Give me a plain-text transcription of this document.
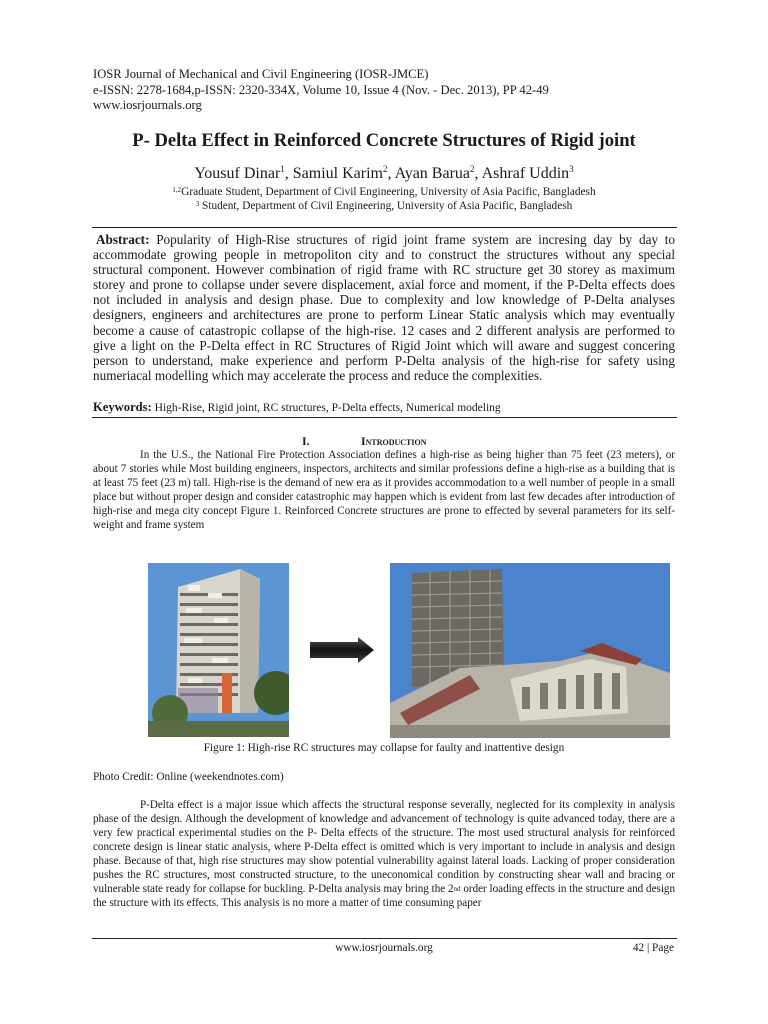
IOSR Journal of Mechanical and Civil Engineering (IOSR-JMCE)
e-ISSN: 2278-1684,p-ISSN: 2320-334X, Volume 10, Issue 4 (Nov. - Dec. 2013), PP 42-49
www.iosrjournals.org
P- Delta Effect in Reinforced Concrete Structures of Rigid joint
Yousuf Dinar$^1$, Samiul Karim$^2$, Ayan Barua$^2$, Ashraf Uddin$^3$
$^{1,2}$Graduate Student, Department of Civil Engineering, University of Asia Pacific, Bangladesh
$^3$ Student, Department of Civil Engineering, University of Asia Pacific, Bangladesh

Abstract: Popularity of High-Rise structures of rigid joint frame system are incresing day by day to accommodate growing people in metropoliton city and to construct the structures without any special structural component. However combination of rigid frame with RC structure get 30 storey as maximum storey and prone to collapse under severe displacement, axial force and moment, if the P-Delta effects does not included in analysis and design phase. Due to complexity and low knowledge of P-Delta analyses designers, engineers and architectures are prone to perform Linear Static analysis which may eventually become a cause of catastropic collapse of the high-rise. 12 cases and 2 different analysis are performed to give a light on the P-Delta effect in RC Structures of Rigid Joint which will aware and suggest concering person to understand, make experience and perform P-Delta analysis of the high-rise for safety using numeriacal modelling which may accelerate the process and reduce the complexities.

Keywords: High-Rise, Rigid joint, RC structures, P-Delta effects, Numerical modeling
I.	Introduction

In the U.S., the National Fire Protection Association defines a high-rise as being higher than 75 feet (23 meters), or about 7 stories while Most building engineers, inspectors, architects and similar professions define a high-rise as a building that is at least 75 feet (23 m) tall. High-rise is the demand of new era as it provides accommodation to a well number of people in a small place but without proper design and consider catastrophic may happen which is evident from last few decades after introduction of high-rise and mega city concept Figure 1. Reinforced Concrete structures are prone to effected by several parameters for its self-weight and frame system

Figure 1: High-rise RC structures may collapse for faulty and inattentive design
Photo Credit: Online (weekendnotes.com)

P-Delta effect is a major issue which affects the structural response severally, neglected for its complexity in analysis phase of the design. Although the development of knowledge and advancement of technology is quite advanced today, there are a very few practical experimental studies on the P- Delta effects of the structure. The most used structural analysis for reinforced concrete design is linear static analysis, where P-Delta effect is omitted which is very important to include in analysis and design phase. Because of that, high rise structures may show potential vulnerability against lateral loads. Lacking of proper consideration pushes the RC structures, most constructed structure, to the uneconomical condition by constructing shear wall and bracing or vulnerable state ready for collapse for buckling. P-Delta analysis may bring the 2nd order loading effects in the structure and design the structure with its effects. This analysis is no more a matter of time consuming paper

www.iosrjournals.org	42 | Page
